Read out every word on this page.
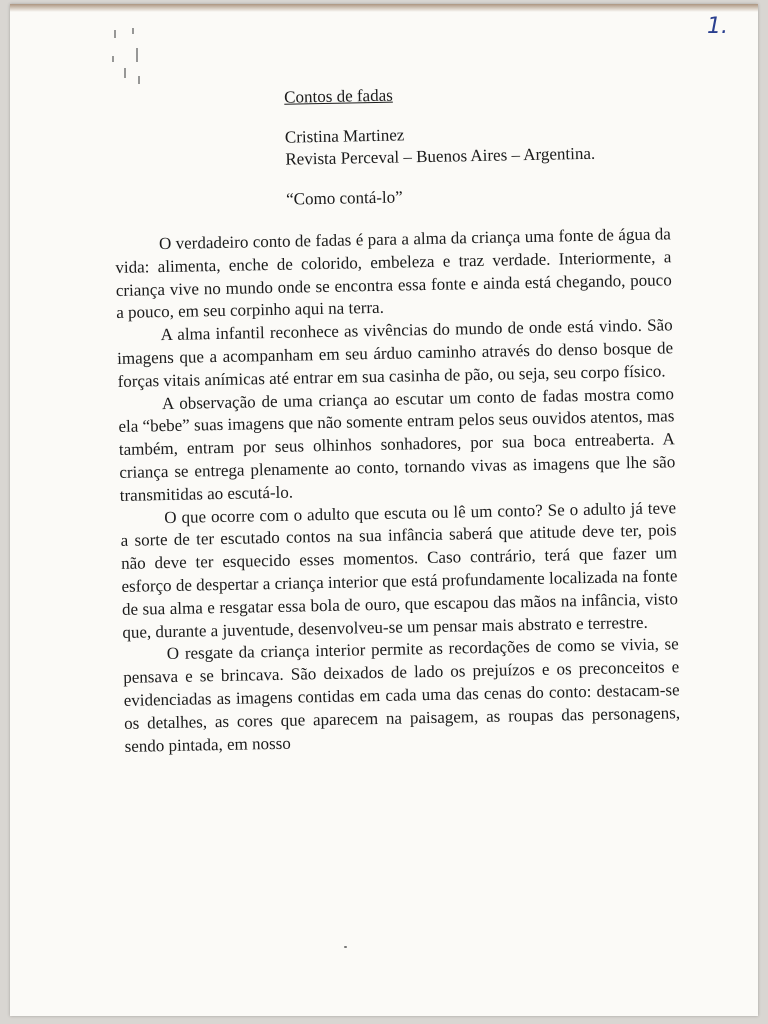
1.
Contos de fadas
Cristina Martinez
Revista Perceval – Buenos Aires – Argentina.
“Como contá-lo”

O verdadeiro conto de fadas é para a alma da criança uma fonte de água da vida: alimenta, enche de colorido, embeleza e traz verdade. Interiormente, a criança vive no mundo onde se encontra essa fonte e ainda está chegando, pouco a pouco, em seu corpinho aqui na terra.

A alma infantil reconhece as vivências do mundo de onde está vindo. São imagens que a acompanham em seu árduo caminho através do denso bosque de forças vitais anímicas até entrar em sua casinha de pão, ou seja, seu corpo físico.

A observação de uma criança ao escutar um conto de fadas mostra como ela “bebe” suas imagens que não somente entram pelos seus ouvidos atentos, mas também, entram por seus olhinhos sonhadores, por sua boca entreaberta. A criança se entrega plenamente ao conto, tornando vivas as imagens que lhe são transmitidas ao escutá-lo.

O que ocorre com o adulto que escuta ou lê um conto? Se o adulto já teve a sorte de ter escutado contos na sua infância saberá que atitude deve ter, pois não deve ter esquecido esses momentos. Caso contrário, terá que fazer um esforço de despertar a criança interior que está profundamente localizada na fonte de sua alma e resgatar essa bola de ouro, que escapou das mãos na infância, visto que, durante a juventude, desenvolveu-se um pensar mais abstrato e terrestre.

O resgate da criança interior permite as recordações de como se vivia, se pensava e se brincava. São deixados de lado os prejuízos e os preconceitos e evidenciadas as imagens contidas em cada uma das cenas do conto: destacam-se os detalhes, as cores que aparecem na paisagem, as roupas das personagens, sendo pintada, em nosso
